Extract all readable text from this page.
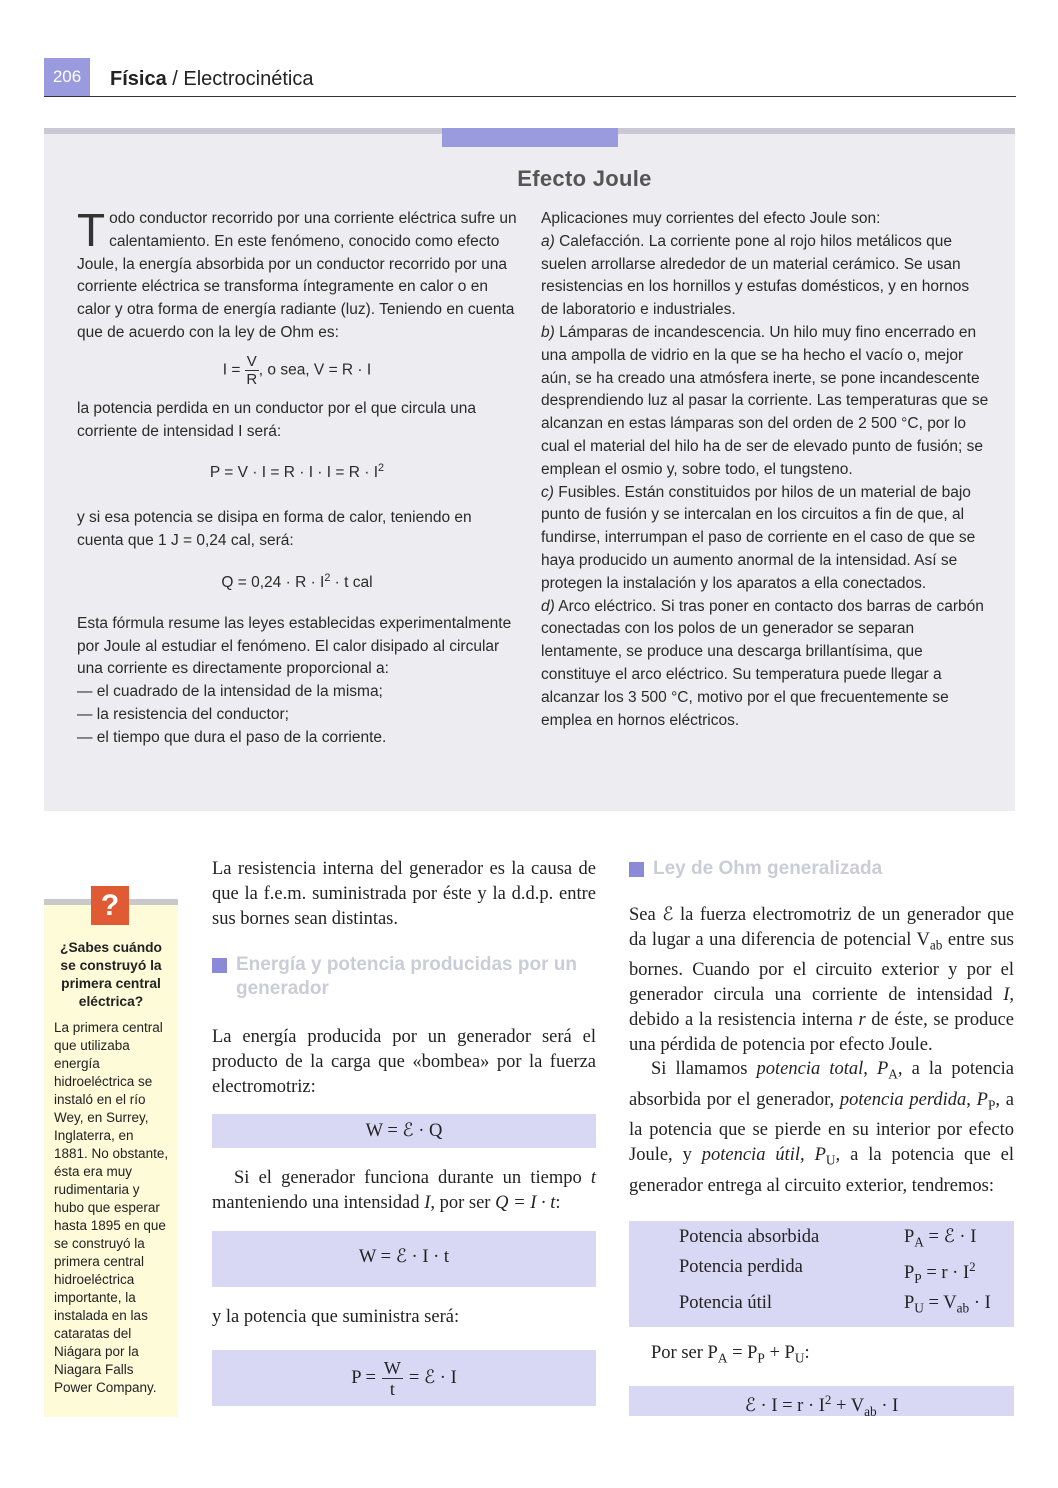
206	Física / Electrocinética
Efecto Joule

Todo conductor recorrido por una corriente eléctrica sufre un calentamiento. En este fenómeno, conocido como efecto Joule, la energía absorbida por un conductor recorrido por una corriente eléctrica se transforma íntegramente en calor o en calor y otra forma de energía radiante (luz). Teniendo en cuenta que de acuerdo con la ley de Ohm es:

$I = \frac{V}{R}$ , o sea, V = R · I

la potencia perdida en un conductor por el que circula una corriente de intensidad I será:

$P = V \cdot I = R \cdot I \cdot I = R \cdot I^2$

y si esa potencia se disipa en forma de calor, teniendo en cuenta que 1 J = 0,24 cal, será:

$Q = 0,24 \cdot R \cdot I^2 \cdot t$ cal

Esta fórmula resume las leyes establecidas experimentalmente por Joule al estudiar el fenómeno. El calor disipado al circular una corriente es directamente proporcional a:

— el cuadrado de la intensidad de la misma;

— la resistencia del conductor;

— el tiempo que dura el paso de la corriente.

Aplicaciones muy corrientes del efecto Joule son:

a) Calefacción. La corriente pone al rojo hilos metálicos que suelen arrollarse alrededor de un material cerámico. Se usan resistencias en los hornillos y estufas domésticos, y en hornos de laboratorio e industriales.

b) Lámparas de incandescencia. Un hilo muy fino encerrado en una ampolla de vidrio en la que se ha hecho el vacío o, mejor aún, se ha creado una atmósfera inerte, se pone incandescente desprendiendo luz al pasar la corriente. Las temperaturas que se alcanzan en estas lámparas son del orden de 2 500 °C, por lo cual el material del hilo ha de ser de elevado punto de fusión; se emplean el osmio y, sobre todo, el tungsteno.

c) Fusibles. Están constituidos por hilos de un material de bajo punto de fusión y se intercalan en los circuitos a fin de que, al fundirse, interrumpan el paso de corriente en el caso de que se haya producido un aumento anormal de la intensidad. Así se protegen la instalación y los aparatos a ella conectados.

d) Arco eléctrico. Si tras poner en contacto dos barras de carbón conectadas con los polos de un generador se separan lentamente, se produce una descarga brillantísima, que constituye el arco eléctrico. Su temperatura puede llegar a alcanzar los 3 500 °C, motivo por el que frecuentemente se emplea en hornos eléctricos.

?
¿Sabes cuándo se construyó la primera central eléctrica?
La primera central que utilizaba energía hidroeléctrica se instaló en el río Wey, en Surrey, Inglaterra, en 1881. No obstante, ésta era muy rudimentaria y hubo que esperar hasta 1895 en que se construyó la primera central hidroeléctrica importante, la instalada en las cataratas del Niágara por la Niagara Falls Power Company.

La resistencia interna del generador es la causa de que la f.e.m. suministrada por éste y la d.d.p. entre sus bornes sean distintas.

Energía y potencia producidas por un generador

La energía producida por un generador será el producto de la carga que «bombea» por la fuerza electromotriz:

W = ℰ · Q

Si el generador funciona durante un tiempo t manteniendo una intensidad I, por ser Q = I · t:

W = ℰ · I · t

y la potencia que suministra será:

$P = \frac{W}{t}$ = ℰ · I
Ley de Ohm generalizada

Sea ℰ la fuerza electromotriz de un generador que da lugar a una diferencia de potencial $V_{ab}$ entre sus bornes. Cuando por el circuito exterior y por el generador circula una corriente de intensidad I, debido a la resistencia interna r de éste, se produce una pérdida de potencia por efecto Joule.

Si llamamos potencia total, $P_A$, a la potencia absorbida por el generador, potencia perdida, $P_P$, a la potencia que se pierde en su interior por efecto Joule, y potencia útil, $P_U$, a la potencia que el generador entrega al circuito exterior, tendremos:

Potencia absorbida	$P_A$ = ℰ · I
Potencia perdida	$P_P = r \cdot I^2$
Potencia útil	$P_U = V_{ab} \cdot I$

Por ser $P_A = P_P + P_U$:

ℰ · $I = r \cdot I^2 + V_{ab} \cdot I$
